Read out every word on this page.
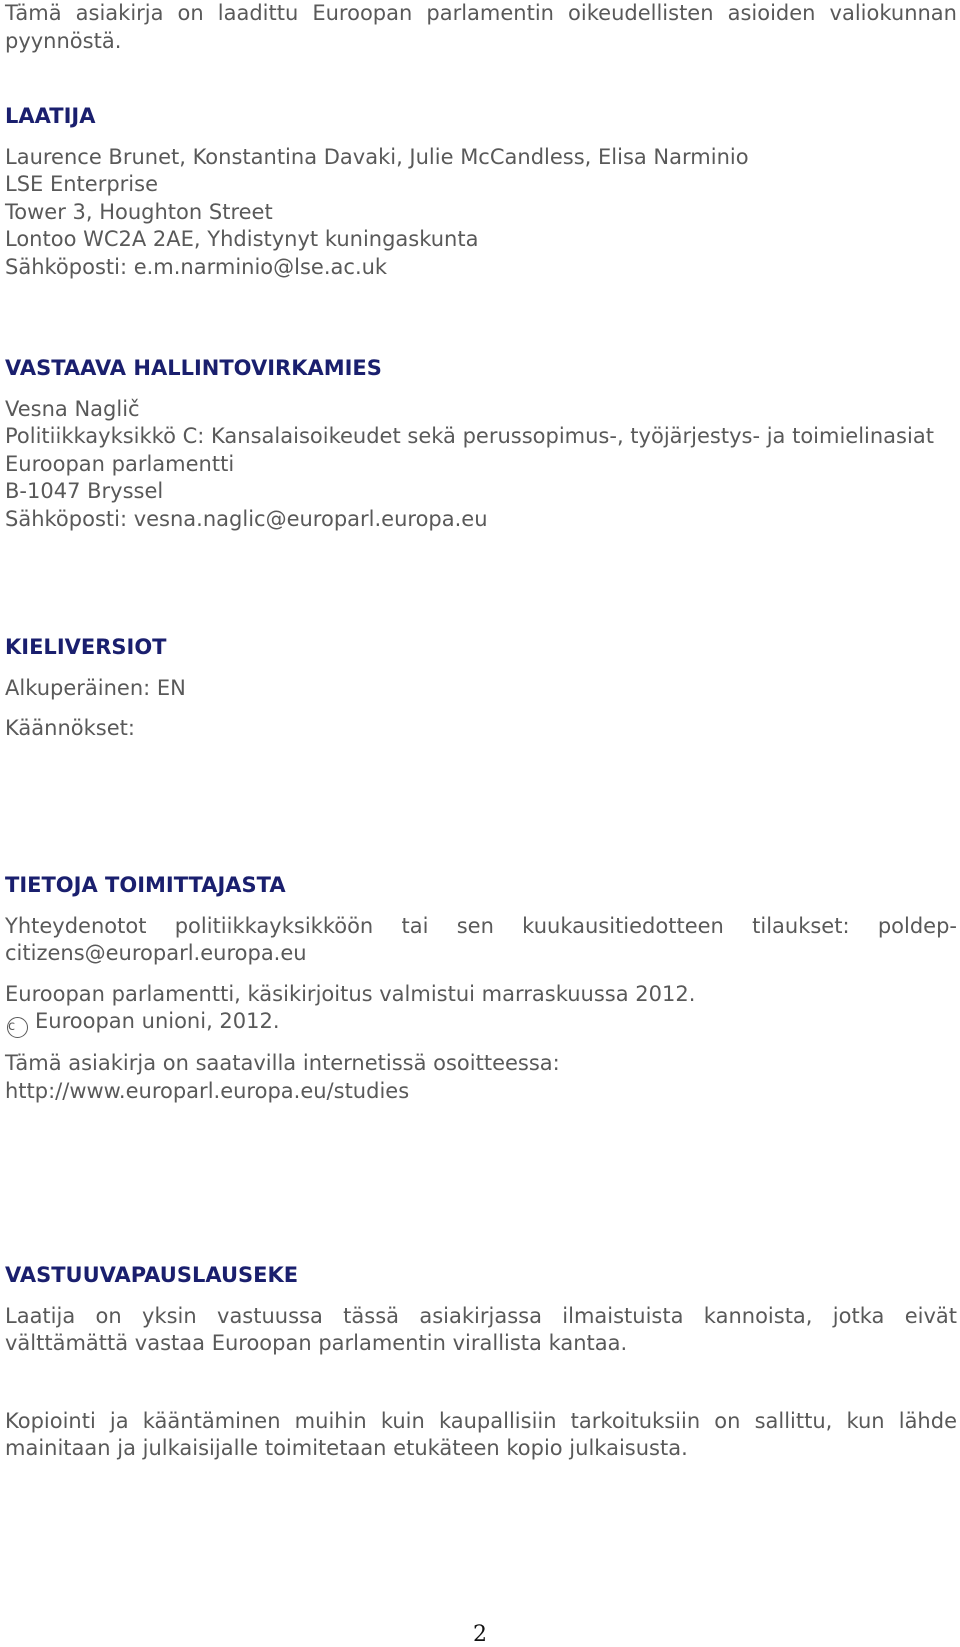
Tämä asiakirja on laadittu Euroopan parlamentin oikeudellisten asioiden valiokunnan pyynnöstä.

LAATIJA

Laurence Brunet, Konstantina Davaki, Julie McCandless, Elisa Narminio

LSE Enterprise

Tower 3, Houghton Street

Lontoo WC2A 2AE, Yhdistynyt kuningaskunta

Sähköposti: e.m.narminio@lse.ac.uk

VASTAAVA HALLINTOVIRKAMIES

Vesna Naglič

Politiikkayksikkö C: Kansalaisoikeudet sekä perussopimus-, työjärjestys- ja toimielinasiat

Euroopan parlamentti

B-1047 Bryssel

Sähköposti: vesna.naglic@europarl.europa.eu

KIELIVERSIOT

Alkuperäinen: EN

Käännökset:

TIETOJA TOIMITTAJASTA

Yhteydenotot politiikkayksikköön tai sen kuukausitiedotteen tilaukset: poldep-citizens@europarl.europa.eu

Euroopan parlamentti, käsikirjoitus valmistui marraskuussa 2012.

c Euroopan unioni, 2012.

Tämä asiakirja on saatavilla internetissä osoitteessa:

http://www.europarl.europa.eu/studies

VASTUUVAPAUSLAUSEKE

Laatija on yksin vastuussa tässä asiakirjassa ilmaistuista kannoista, jotka eivät välttämättä vastaa Euroopan parlamentin virallista kantaa.

Kopiointi ja kääntäminen muihin kuin kaupallisiin tarkoituksiin on sallittu, kun lähde mainitaan ja julkaisijalle toimitetaan etukäteen kopio julkaisusta.

2
